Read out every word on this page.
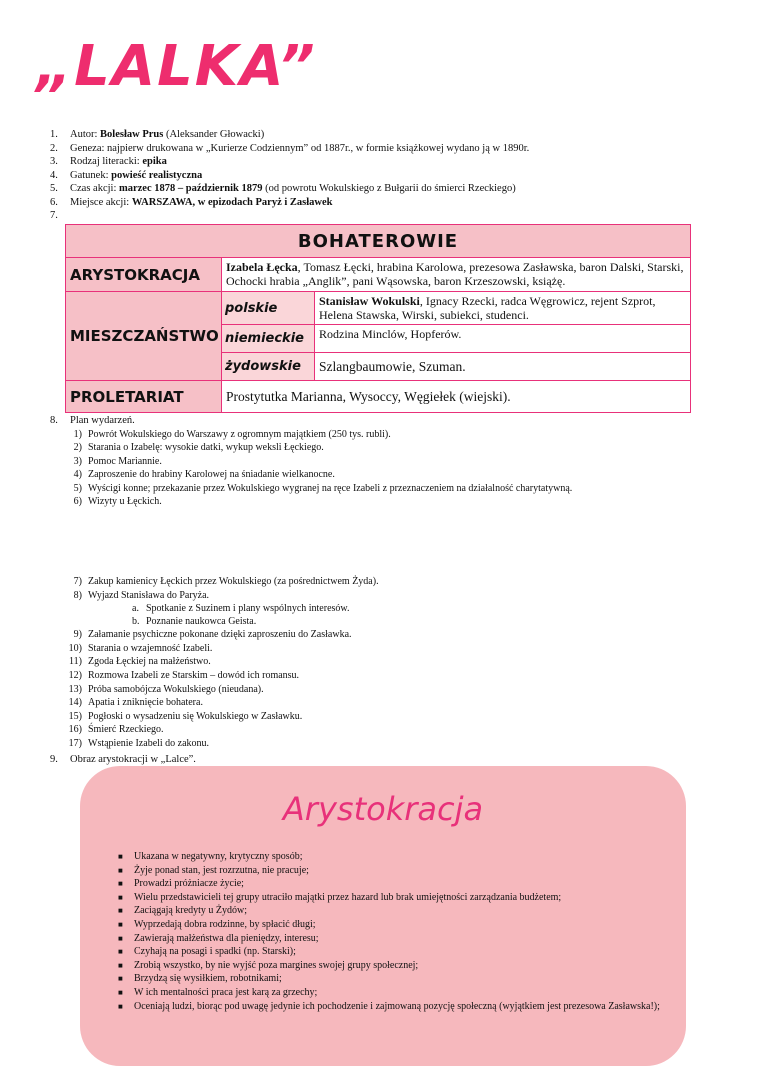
„LALKA”
1.	Autor: Bolesław Prus (Aleksander Głowacki)
2.	Geneza: najpierw drukowana w „Kurierze Codziennym” od 1887r., w formie książkowej wydano ją w 1890r.
3.	Rodzaj literacki: epika
4.	Gatunek: powieść realistyczna
5.	Czas akcji: marzec 1878 – październik 1879 (od powrotu Wokulskiego z Bułgarii do śmierci Rzeckiego)
6.	Miejsce akcji: WARSZAWA, w epizodach Paryż i Zasławek
7.
BOHATEROWIE		
ARYSTOKRACJA	Izabela Łęcka, Tomasz Łęcki, hrabina Karolowa, prezesowa Zasławska, baron Dalski, Starski, Ochocki hrabia „Anglik”, pani Wąsowska, baron Krzeszowski, książę.	
MIESZCZAŃSTWO	polskie	Stanisław Wokulski, Ignacy Rzecki, radca Węgrowicz, rejent Szprot, Helena Stawska, Wirski, subiekci, studenci.
	niemieckie	Rodzina Minclów, Hopferów.
	żydowskie	Szlangbaumowie, Szuman.
PROLETARIAT	Prostytutka Marianna, Wysoccy, Węgiełek (wiejski).	
8.	Plan wydarzeń.
1) Powrót Wokulskiego do Warszawy z ogromnym majątkiem (250 tys. rubli).
2) Starania o Izabelę: wysokie datki, wykup weksli Łęckiego.
3) Pomoc Mariannie.
4) Zaproszenie do hrabiny Karolowej na śniadanie wielkanocne.
5) Wyścigi konne; przekazanie przez Wokulskiego wygranej na ręce Izabeli z przeznaczeniem na działalność charytatywną.
6) Wizyty u Łęckich.
7) Zakup kamienicy Łęckich przez Wokulskiego (za pośrednictwem Żyda).
8) Wyjazd Stanisława do Paryża.
a. Spotkanie z Suzinem i plany wspólnych interesów.
b. Poznanie naukowca Geista.
9) Załamanie psychiczne pokonane dzięki zaproszeniu do Zasławka.
10) Starania o wzajemność Izabeli.
11) Zgoda Łęckiej na małżeństwo.
12) Rozmowa Izabeli ze Starskim – dowód ich romansu.
13) Próba samobójcza Wokulskiego (nieudana).
14) Apatia i zniknięcie bohatera.
15) Pogłoski o wysadzeniu się Wokulskiego w Zasławku.
16) Śmierć Rzeckiego.
17) Wstąpienie Izabeli do zakonu.
9.	Obraz arystokracji w „Lalce”.
Arystokracja
■	Ukazana w negatywny, krytyczny sposób;
■	Żyje ponad stan, jest rozrzutna, nie pracuje;
■	Prowadzi próżniacze życie;
■	Wielu przedstawicieli tej grupy utraciło majątki przez hazard lub brak umiejętności zarządzania budżetem;
■	Zaciągają kredyty u Żydów;
■	Wyprzedają dobra rodzinne, by spłacić długi;
■	Zawierają małżeństwa dla pieniędzy, interesu;
■	Czyhają na posagi i spadki (np. Starski);
■	Zrobią wszystko, by nie wyjść poza margines swojej grupy społecznej;
■	Brzydzą się wysiłkiem, robotnikami;
■	W ich mentalności praca jest karą za grzechy;
■	Oceniają ludzi, biorąc pod uwagę jedynie ich pochodzenie i zajmowaną pozycję społeczną (wyjątkiem jest prezesowa Zasławska!);
